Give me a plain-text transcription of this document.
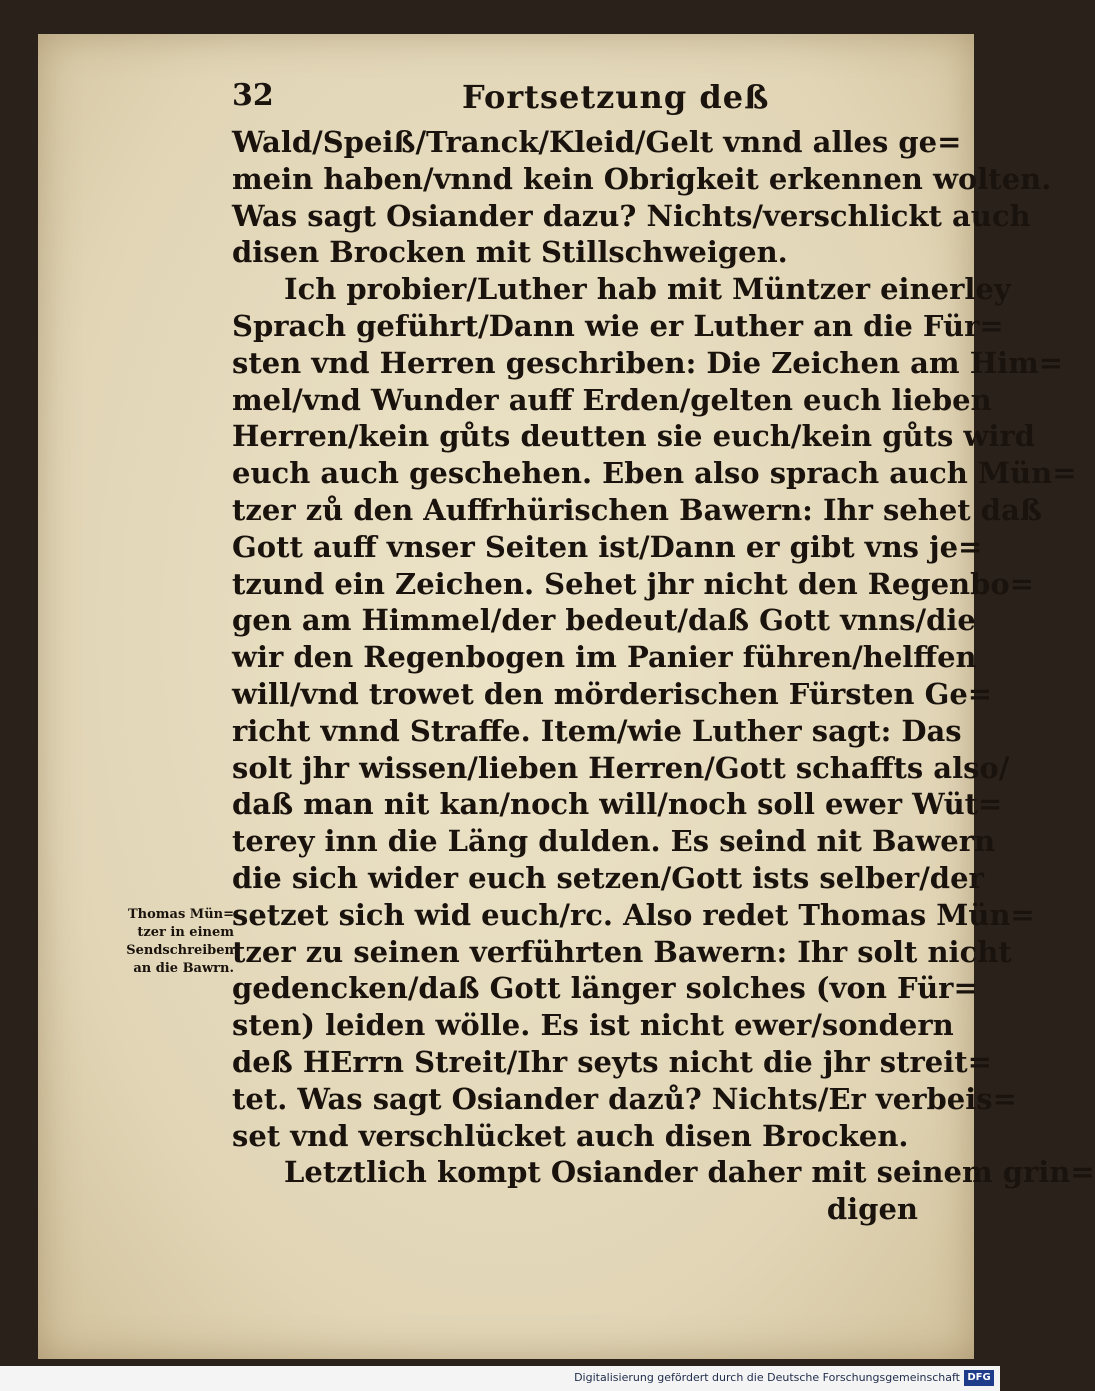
32	Fortsetzung deß
Wald/Speiß/Tranck/Kleid/Gelt vnnd alles ge=
mein haben/vnnd kein Obrigkeit erkennen wolten.
Was sagt Osiander dazu? Nichts/verschlickt auch
disen Brocken mit Stillschweigen.
Ich probier/Luther hab mit Müntzer einerley
Sprach geführt/Dann wie er Luther an die Für=
sten vnd Herren geschriben: Die Zeichen am Him=
mel/vnd Wunder auff Erden/gelten euch lieben
Herren/kein gůts deutten sie euch/kein gůts wird
euch auch geschehen. Eben also sprach auch Mün=
tzer zů den Auffrhürischen Bawern: Ihr sehet daß
Gott auff vnser Seiten ist/Dann er gibt vns je=
tzund ein Zeichen. Sehet jhr nicht den Regenbo=
gen am Himmel/der bedeut/daß Gott vnns/die
wir den Regenbogen im Panier führen/helffen
will/vnd trowet den mörderischen Fürsten Ge=
richt vnnd Straffe. Item/wie Luther sagt: Das
solt jhr wissen/lieben Herren/Gott schaffts also/
daß man nit kan/noch will/noch soll ewer Wüt=
terey inn die Läng dulden. Es seind nit Bawern
die sich wider euch setzen/Gott ists selber/der
setzet sich wid euch/rc. Also redet Thomas Mün=
tzer zu seinen verführten Bawern: Ihr solt nicht
gedencken/daß Gott länger solches (von Für=
sten) leiden wölle. Es ist nicht ewer/sondern
deß HErrn Streit/Ihr seyts nicht die jhr streit=
tet. Was sagt Osiander dazů? Nichts/Er verbeis=
set vnd verschlücket auch disen Brocken.
Letztlich kompt Osiander daher mit seinem grin=
digen
Thomas Mün=
tzer in einem
Sendschreiben
an die Bawrn.
Digitalisierung gefördert durch die Deutsche Forschungsgemeinschaft DFG
